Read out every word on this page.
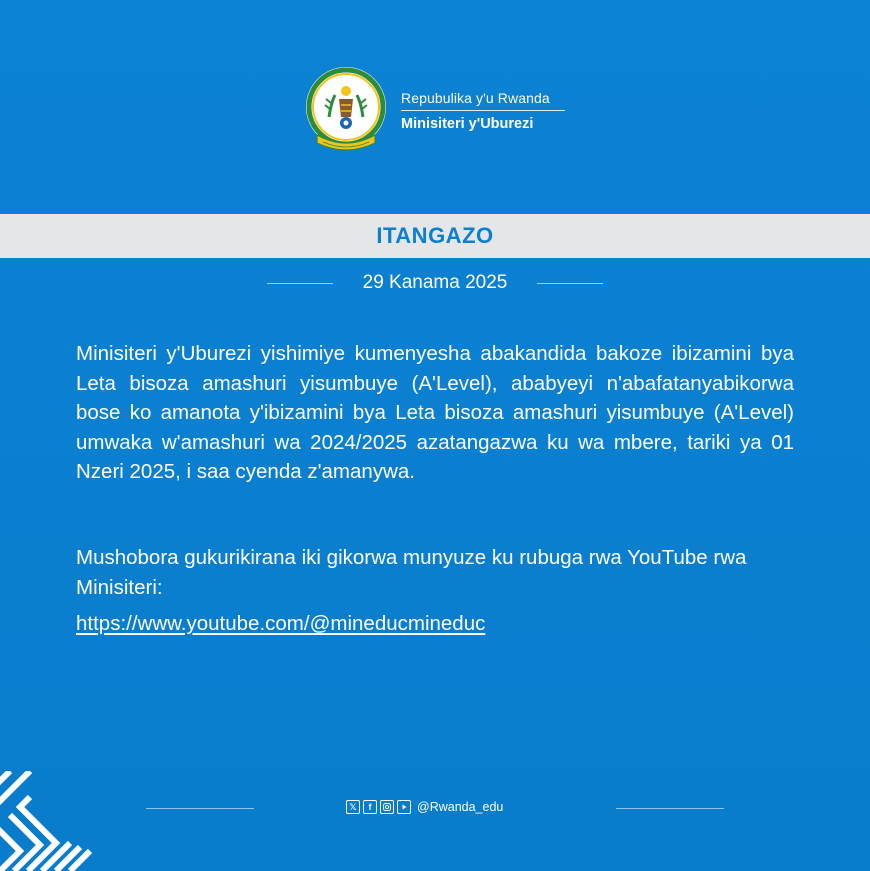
Repubulika y'u Rwanda
Minisiteri y'Uburezi
ITANGAZO
29 Kanama 2025

Minisiteri y'Uburezi yishimiye kumenyesha abakandida bakoze ibizamini bya Leta bisoza amashuri yisumbuye (A'Level), ababyeyi n'abafatanyabikorwa bose ko amanota y'ibizamini bya Leta bisoza amashuri yisumbuye (A'Level) umwaka w'amashuri wa 2024/2025 azatangazwa ku wa mbere, tariki ya 01 Nzeri 2025, i saa cyenda z'amanywa.

Mushobora gukurikirana iki gikorwa munyuze ku rubuga rwa YouTube rwa Minisiteri:
https://www.youtube.com/@mineducmineduc
𝕏	f	@Rwanda_edu
